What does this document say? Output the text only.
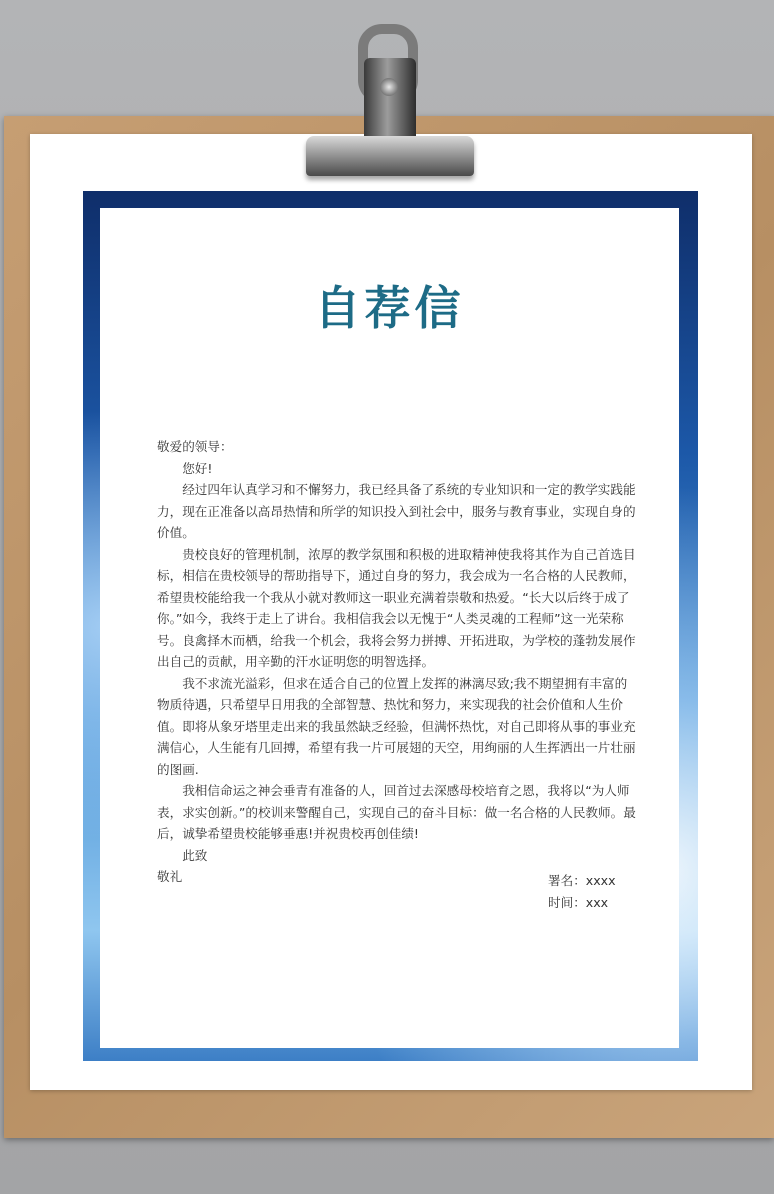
自荐信

敬爱的领导：

您好!

经过四年认真学习和不懈努力，我已经具备了系统的专业知识和一定的教学实践能力，现在正准备以高昂热情和所学的知识投入到社会中，服务与教育事业，实现自身的价值。

贵校良好的管理机制，浓厚的教学氛围和积极的进取精神使我将其作为自己首选目标，相信在贵校领导的帮助指导下，通过自身的努力，我会成为一名合格的人民教师，希望贵校能给我一个我从小就对教师这一职业充满着崇敬和热爱。“长大以后终于成了你。”如今，我终于走上了讲台。我相信我会以无愧于“人类灵魂的工程师”这一光荣称号。良禽择木而栖，给我一个机会，我将会努力拼搏、开拓进取，为学校的蓬勃发展作出自己的贡献，用辛勤的汗水证明您的明智选择。

我不求流光溢彩，但求在适合自己的位置上发挥的淋漓尽致;我不期望拥有丰富的物质待遇，只希望早日用我的全部智慧、热忱和努力，来实现我的社会价值和人生价值。即将从象牙塔里走出来的我虽然缺乏经验，但满怀热忱，对自己即将从事的事业充满信心，人生能有几回搏，希望有我一片可展翅的天空，用绚丽的人生挥洒出一片壮丽的图画.

我相信命运之神会垂青有准备的人，回首过去深感母校培育之恩，我将以“为人师表，求实创新。”的校训来警醒自己，实现自己的奋斗目标：做一名合格的人民教师。最后，诚挚希望贵校能够垂惠!并祝贵校再创佳绩!

此致

敬礼	署名：xxxx
时间：xxx
